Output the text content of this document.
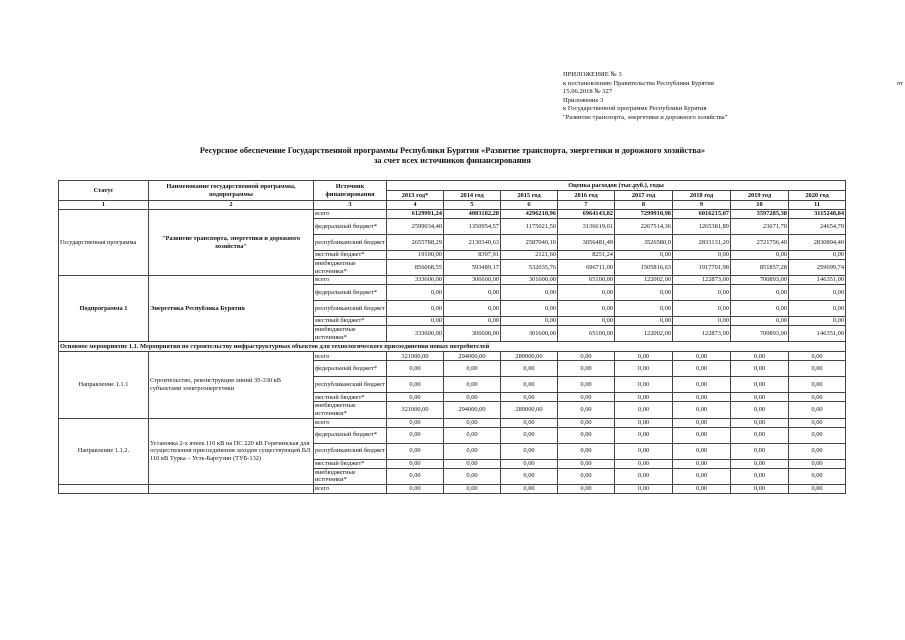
ПРИЛОЖЕНИЕ № 3
к постановлению Правительства Республики Бурятия	от
15.06.2018 № 327
Приложение 3
к Государственной программе Республики Бурятия
"Развитие транспорта, энергетики и дорожного хозяйства"
Ресурсное обеспечение Государственной программы Республики Бурятия «Развитие транспорта, энергетики и дорожного хозяйства»
за счет всех источников финансирования
Статус	Наименование государственной программы, подпрограммы	Источник финансирования	Оценка расходов (тыс.руб.), годы							
			2013 год*	2014 год	2015 год	2016 год	2017 год	2018 год	2019 год	2020 год
1	2	3	4	5	6	7	8	9	10	11
Государственная программа	"Развитие транспорта, энергетики и дорожного хозяйства"	всего	6129991,24	4083182,28	4296218,96	6964143,82	7299910,98	6016215,07	3597285,38	3115248,84
		федеральный бюджет*	2599034,40	1350954,57	1175021,50	3136619,01	2267514,36	1265381,89	23671,70	24654,70
		республиканский бюджет	2655788,29	2130340,63	2587040,10	3056481,49	3526580,0	2833131,20	2721756,40	2830894,40
		местный бюджет*	19100,00	8397,91	2121,60	8251,24	0,00	0,00	0,00	0,00
		внебюджетные источники*	856068,55	593489,17	532035,76	696711,00	1505816,63	1917701,98	851857,28	259699,74
Подпрограмма 1	Энергетика Республика Бурятия	всего	333600,00	306600,00	301600,00	65100,00	122002,00	122873,00	700893,00	146351,00
		федеральный бюджет*	0,00	0,00	0,00	0,00	0,00	0,00	0,00	0,00
		республиканский бюджет	0,00	0,00	0,00	0,00	0,00	0,00	0,00	0,00
		местный бюджет*	0,00	0,00	0,00	0,00	0,00	0,00	0,00	0,00
		внебюджетные источники*	333600,00	306600,00	301600,00	65100,00	122002,00	122873,00	700893,00	146351,00
Основное мероприятие 1.1. Мероприятия по строительству инфраструктурных объектов для технологического присоединения новых потребителей										
Направление 1.1.1	Строительство, реконструкция линий 35-330 кВ субъектами электроэнергетики	всего	321000,00	294000,00	289000,00	0,00	0,00	0,00	0,00	0,00
		федеральный бюджет*	0,00	0,00	0,00	0,00	0,00	0,00	0,00	0,00
		республиканский бюджет	0,00	0,00	0,00	0,00	0,00	0,00	0,00	0,00
		местный бюджет*	0,00	0,00	0,00	0,00	0,00	0,00	0,00	0,00
		внебюджетные источники*	321000,00	294000,00	289000,00	0,00	0,00	0,00	0,00	0,00
Направление 1.1.2.	Установка 2-х ячеек 110 кВ на ПС 220 кВ Горячинская для осуществления присоединения заходов существующей ВЛ 110 кВ Турка – Усть-Баргузин (ТУБ-132)	всего	0,00	0,00	0,00	0,00	0,00	0,00	0,00	0,00
		федеральный бюджет*	0,00	0,00	0,00	0,00	0,00	0,00	0,00	0,00
		республиканский бюджет	0,00	0,00	0,00	0,00	0,00	0,00	0,00	0,00
		местный бюджет*	0,00	0,00	0,00	0,00	0,00	0,00	0,00	0,00
		внебюджетные источники*	0,00	0,00	0,00	0,00	0,00	0,00	0,00	0,00
		всего	0,00	0,00	0,00	0,00	0,00	0,00	0,00	0,00
